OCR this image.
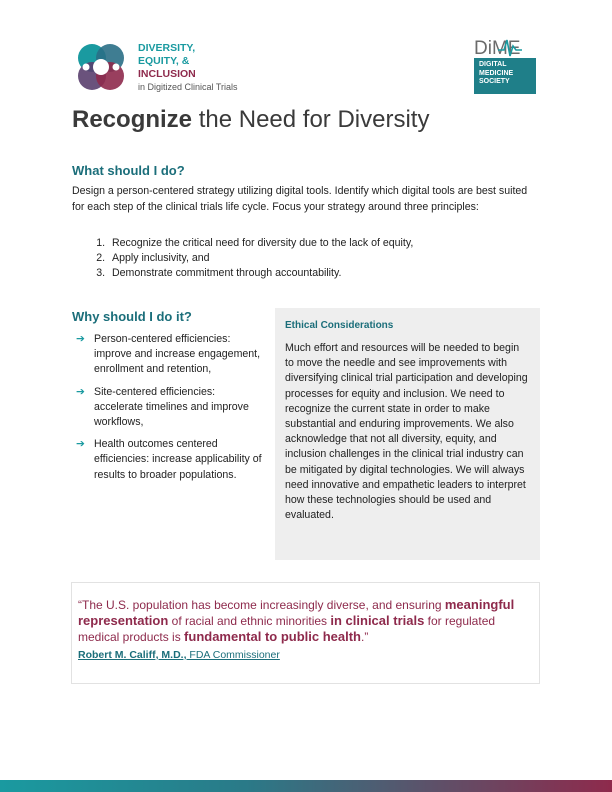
DIVERSITY,
EQUITY, &
INCLUSION
in Digitized Clinical Trials
DiME
DIGITAL
MEDICINE
SOCIETY
Recognize the Need for Diversity
What should I do?

Design a person-centered strategy utilizing digital tools. Identify which digital tools are best suited for each step of the clinical trials life cycle. Focus your strategy around three principles:

1. Recognize the critical need for diversity due to the lack of equity,
2. Apply inclusivity, and
3. Demonstrate commitment through accountability.
Why should I do it?
➔ Person-centered efficiencies: improve and increase engagement, enrollment and retention,
➔ Site-centered efficiencies: accelerate timelines and improve workflows,
➔ Health outcomes centered efficiencies: increase applicability of results to broader populations.
Ethical Considerations

Much effort and resources will be needed to begin to move the needle and see improvements with diversifying clinical trial participation and developing processes for equity and inclusion. We need to recognize the current state in order to make substantial and enduring improvements. We also acknowledge that not all diversity, equity, and inclusion challenges in the clinical trial industry can be mitigated by digital technologies. We will always need innovative and empathetic leaders to interpret how these technologies should be used and evaluated.

“The U.S. population has become increasingly diverse, and ensuring meaningful representation of racial and ethnic minorities in clinical trials for regulated medical products is fundamental to public health.”

Robert M. Califf, M.D., FDA Commissioner
